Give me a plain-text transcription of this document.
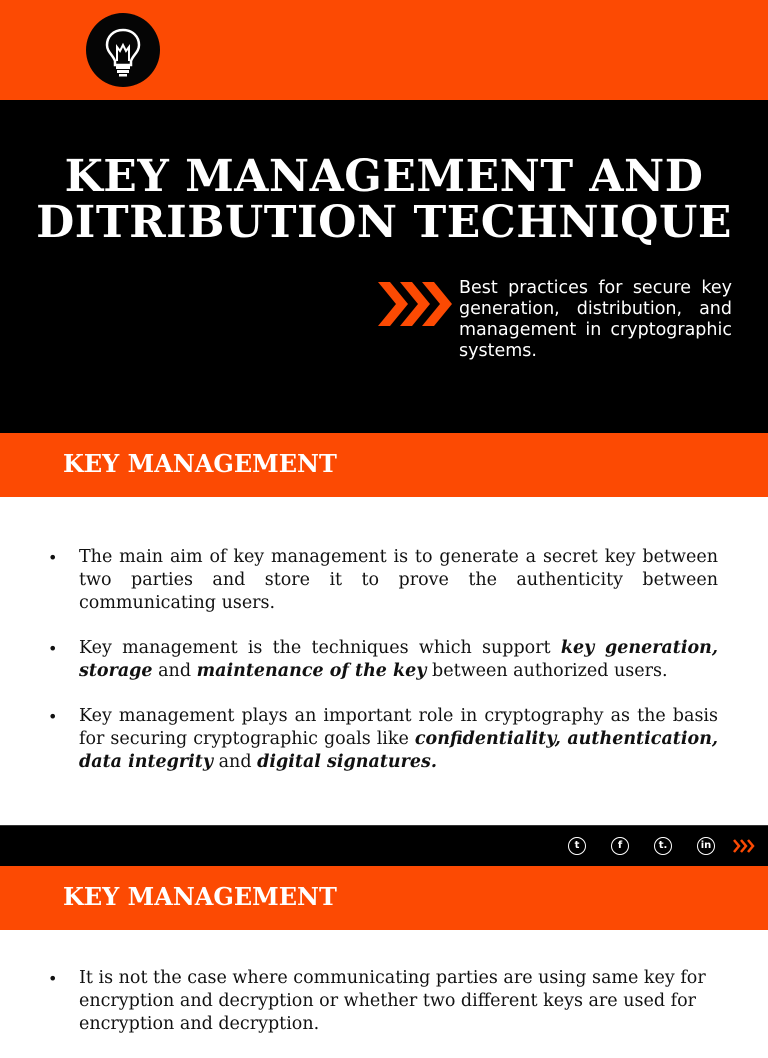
KEY MANAGEMENT AND
DITRIBUTION TECHNIQUE

Best practices for secure key generation, distribution, and management in cryptographic systems.

KEY MANAGEMENT
• The main aim of key management is to generate a secret key between two parties and store it to prove the authenticity between communicating users.
• Key management is the techniques which support key generation, storage and maintenance of the key between authorized users.
• Key management plays an important role in cryptography as the basis for securing cryptographic goals like confidentiality, authentication, data integrity and digital signatures.
t	f	t.	in
KEY MANAGEMENT
• It is not the case where communicating parties are using same key for encryption and decryption or whether two different keys are used for encryption and decryption.
